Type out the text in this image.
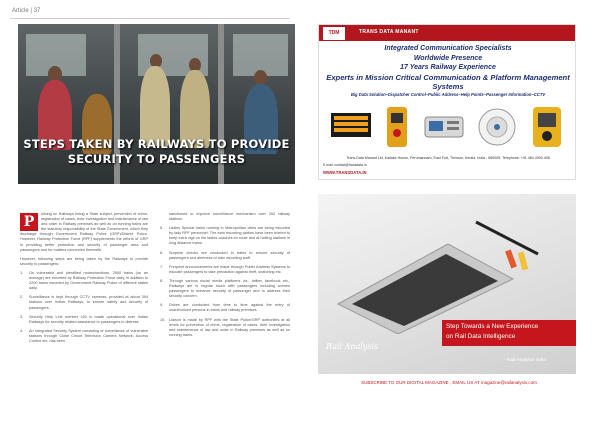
Article | 37
STEPS TAKEN BY RAILWAYS TO PROVIDE
SECURITY TO PASSENGERS

P	olicing on Railways being a State subject, prevention of crime, registration of cases, their investigation and maintenance of law and order in Railway premises as well as on running trains are the statutory responsibility of the State Government, which they discharge through Government Railway Police (GRP)/District Police. However, Railway Protection Force (RPF) supplements the efforts of GRP in providing better protection and security of passenger area and passengers and for matters connected therewith.

However, following steps are being taken by the Railways to provide security to passengers:

1.	On vulnerable and identified routes/sections, 2500 trains (on an average) are escorted by Railway Protection Force daily, in addition to 2200 trains escorted by Government Railway Police of different states daily.
2.	Surveillance is kept through CCTV cameras, provided at about 394 stations over Indian Railways, to ensure safety and security of passengers.
3.	Security Help Line number 182 is made operational over Indian Railways for security related assistance to passengers in distress.
4.	An Integrated Security System consisting of surveillance of vulnerable stations through Close Circuit Television Camera Network, Access Control etc. has been
sanctioned to improve surveillance mechanism over 202 railway stations.
5.	Ladies Special trains running in Metropolitan cities are being escorted by lady RPF personnel. The train escorting parties have been briefed to keep extra vigil on the ladies coaches en route and at halting stations in long distance trains.
6.	Surprise checks are conducted in trains to ensure security of passengers and alertness of train escorting staff.
7.	Frequent announcements are made through Public Address Systems to educate passengers to take precaution against theft, snatching etc.
8.	Through various social media platforms viz., twitter, facebook etc., Railways are in regular touch with passengers including women passengers to enhance security of passenger and to address their security concern.
9.	Drives are conducted from time to time against the entry of unauthorized persons in trains and railway premises.
10. Liaison is made by RPF with the State Police/GRP authorities at all levels for prevention of crime, registration of cases, their investigation and maintenance of law and order in Railway premises as well as on running trains.
TDM	TRANS DATA MANANT
Integrated Communication Specialists
Worldwide Presence
17 Years Railway Experience
Experts in Mission Critical Communication & Platform Management Systems
Big Data Solution–Dispatcher Control–Public Address–Help Points–Passenger Information–CCTV
Trans Data Manant Ltd, Kallake House, Perumannam, East Fort, Thrissur, Kerala, India - 680005. Telephone: +91 484 4300 408
E-mail: contact@transdata.in
WWW.TRANSDATA.IN
Step Towards a New Experience
on Rail Data Intelligence
Rail Analysis
- Rail Analysis India
SUBSCRIBE TO OUR DIGITAL MAGAZINE , EMAIL US AT magazine@railanalysis.com
